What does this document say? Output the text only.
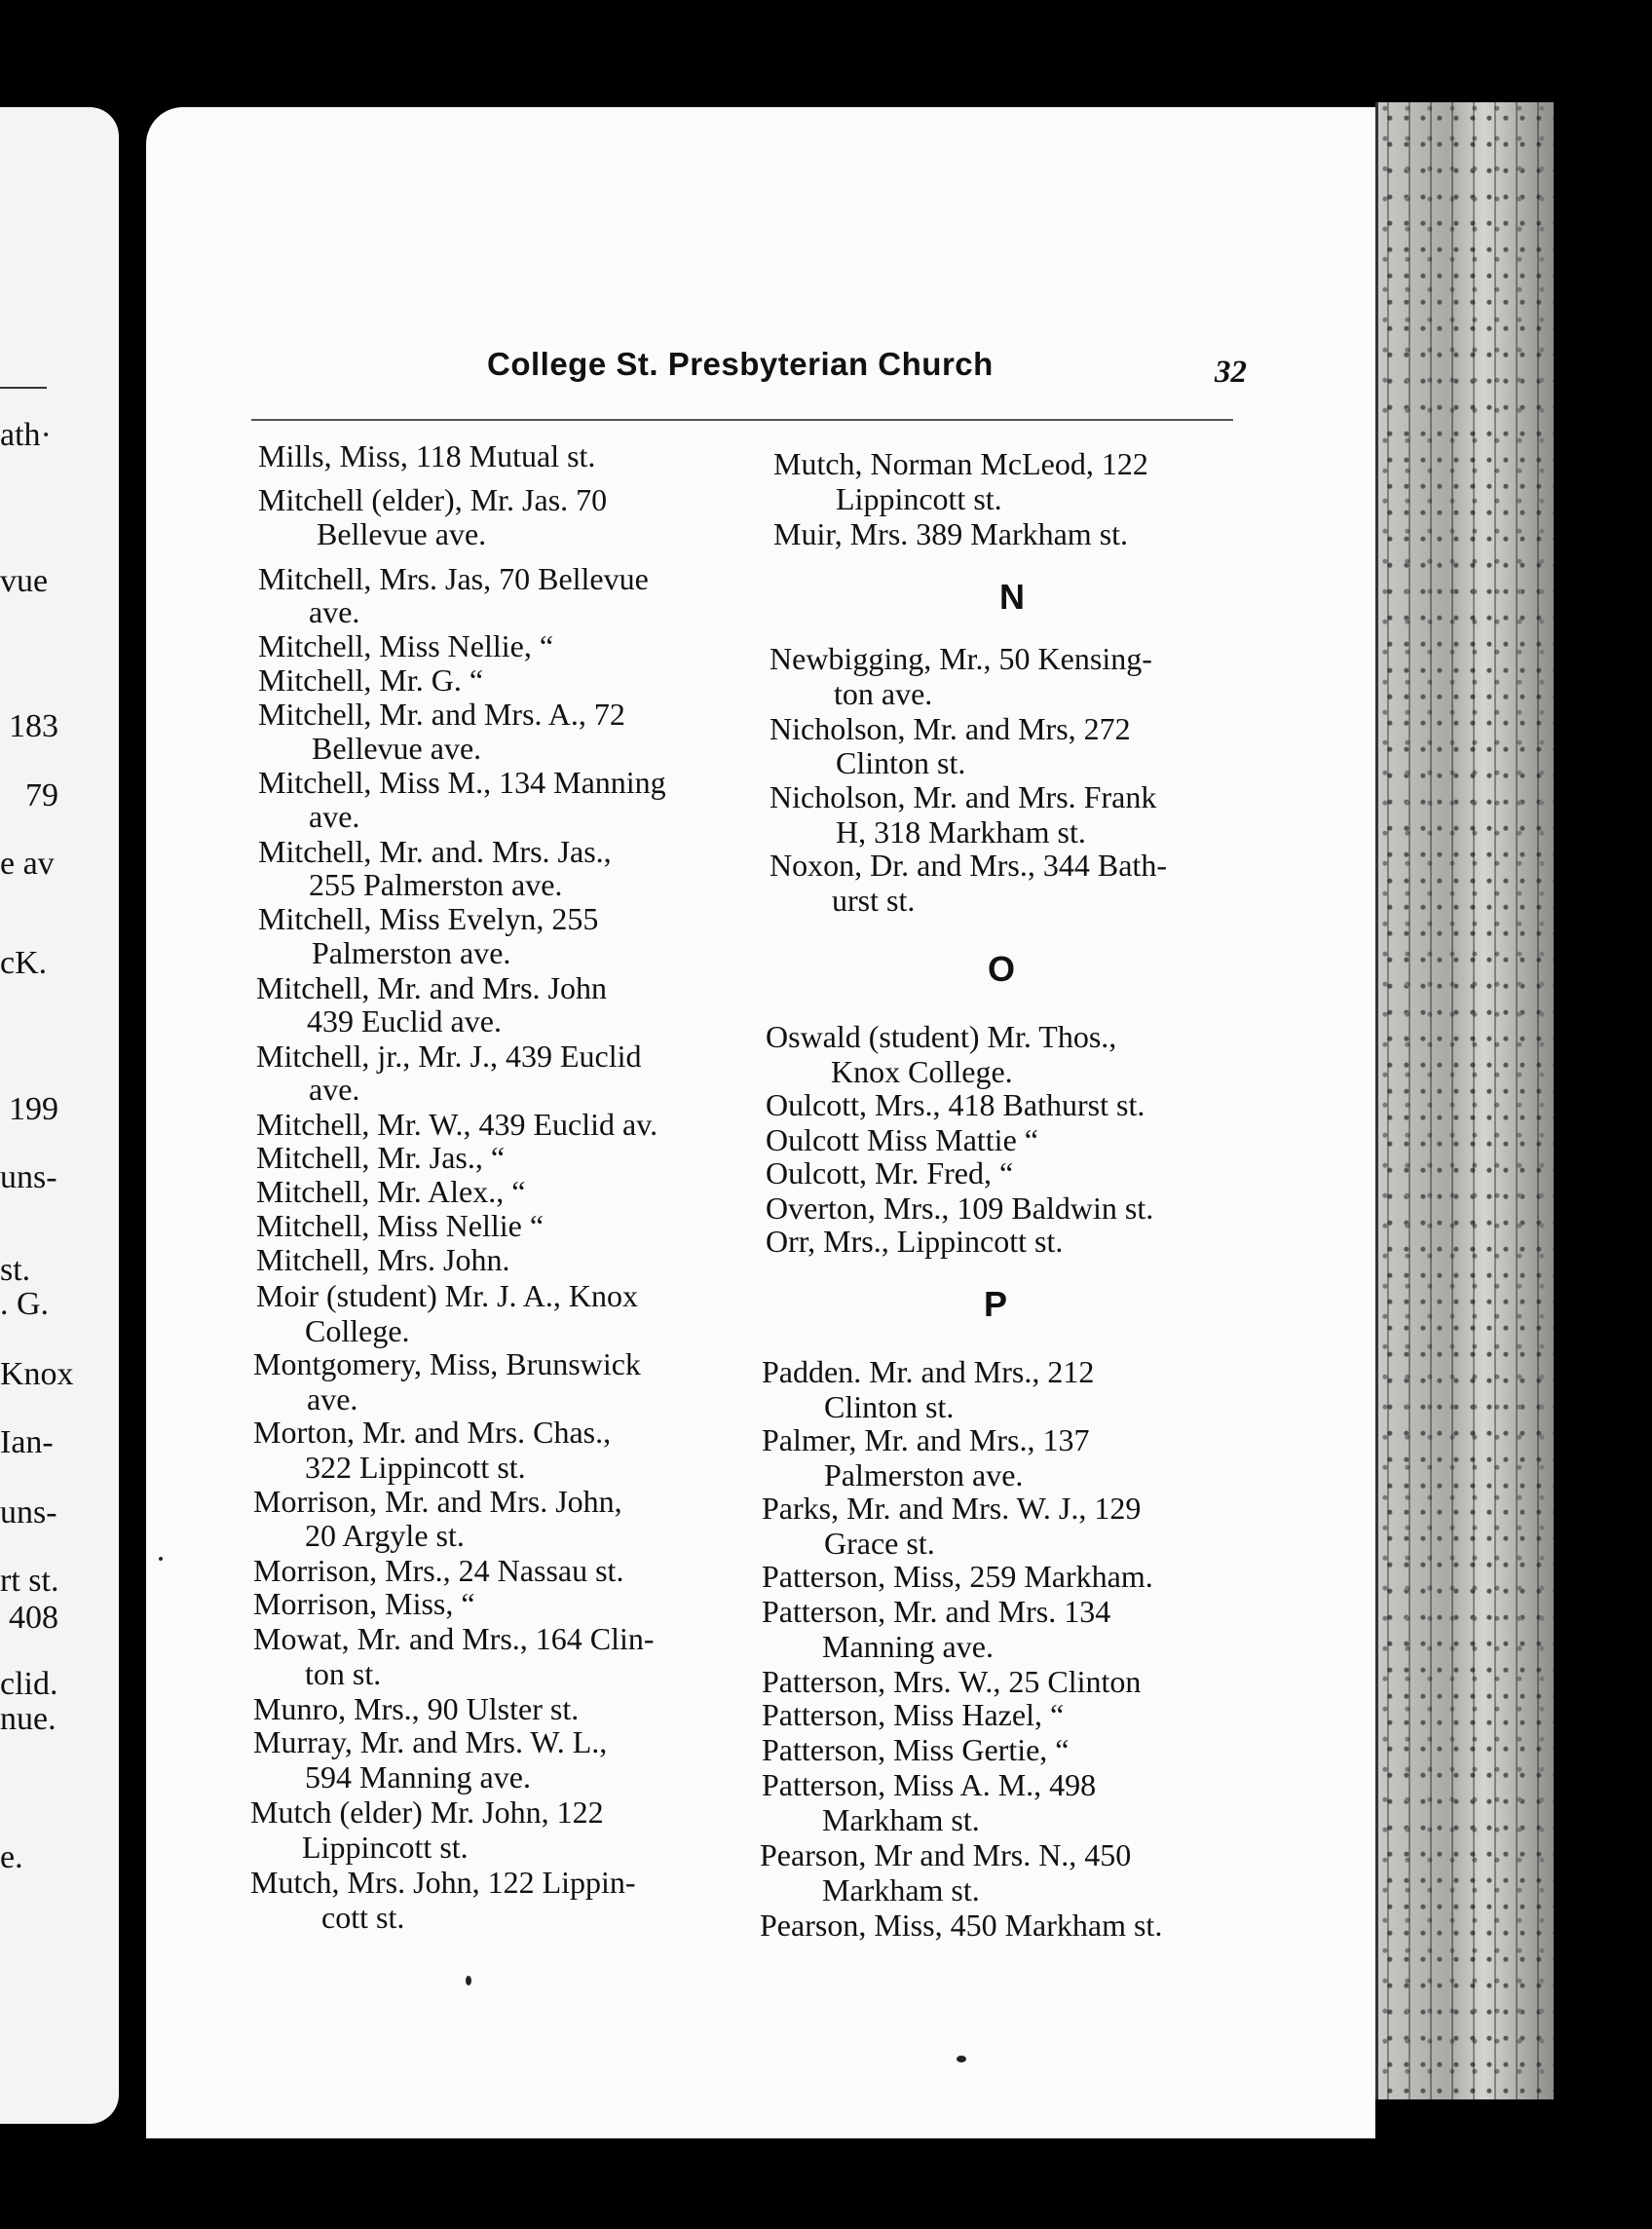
ath·
vue
183
79
e av
cK.
199
uns-
st.
. G.
Knox
Ian-
uns-
rt st.
408
clid.
nue.
e.
College St. Presbyterian Church	32
Mills, Miss, 118 Mutual st.
Mitchell (elder), Mr. Jas. 70
Bellevue ave.
Mitchell, Mrs. Jas, 70 Bellevue
ave.
Mitchell, Miss Nellie, “
Mitchell, Mr. G. “
Mitchell, Mr. and Mrs. A., 72
Bellevue ave.
Mitchell, Miss M., 134 Manning
ave.
Mitchell, Mr. and. Mrs. Jas.,
255 Palmerston ave.
Mitchell, Miss Evelyn, 255
Palmerston ave.
Mitchell, Mr. and Mrs. John
439 Euclid ave.
Mitchell, jr., Mr. J., 439 Euclid
ave.
Mitchell, Mr. W., 439 Euclid av.
Mitchell, Mr. Jas., “
Mitchell, Mr. Alex., “
Mitchell, Miss Nellie “
Mitchell, Mrs. John.
Moir (student) Mr. J. A., Knox
College.
Montgomery, Miss, Brunswick
ave.
Morton, Mr. and Mrs. Chas.,
322 Lippincott st.
Morrison, Mr. and Mrs. John,
20 Argyle st.
Morrison, Mrs., 24 Nassau st.
Morrison, Miss, “
Mowat, Mr. and Mrs., 164 Clin-
ton st.
Munro, Mrs., 90 Ulster st.
Murray, Mr. and Mrs. W. L.,
594 Manning ave.
Mutch (elder) Mr. John, 122
Lippincott st.
Mutch, Mrs. John, 122 Lippin-
cott st.
Mutch, Norman McLeod, 122
Lippincott st.
Muir, Mrs. 389 Markham st.
N
Newbigging, Mr., 50 Kensing-
ton ave.
Nicholson, Mr. and Mrs, 272
Clinton st.
Nicholson, Mr. and Mrs. Frank
H, 318 Markham st.
Noxon, Dr. and Mrs., 344 Bath-
urst st.
O
Oswald (student) Mr. Thos.,
Knox College.
Oulcott, Mrs., 418 Bathurst st.
Oulcott Miss Mattie “
Oulcott, Mr. Fred, “
Overton, Mrs., 109 Baldwin st.
Orr, Mrs., Lippincott st.
P
Padden. Mr. and Mrs., 212
Clinton st.
Palmer, Mr. and Mrs., 137
Palmerston ave.
Parks, Mr. and Mrs. W. J., 129
Grace st.
Patterson, Miss, 259 Markham.
Patterson, Mr. and Mrs. 134
Manning ave.
Patterson, Mrs. W., 25 Clinton
Patterson, Miss Hazel, “
Patterson, Miss Gertie, “
Patterson, Miss A. M., 498
Markham st.
Pearson, Mr and Mrs. N., 450
Markham st.
Pearson, Miss, 450 Markham st.
